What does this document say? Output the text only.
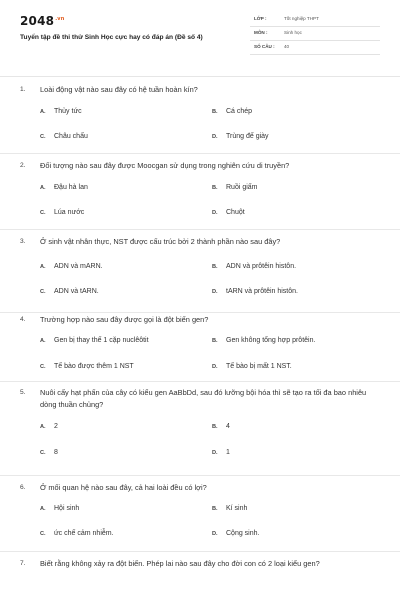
$2048^{.vn}$
Tuyển tập đề thi thử Sinh Học cực hay có đáp án (Đề số 4)
LỚP :	Tốt nghiệp THPT
MÔN :	Sinh học
SỐ CÂU : 40
1. Loài động vật nào sau đây có hệ tuần hoàn kín?
A. Thủy tức	B. Cá chép
C. Châu chấu	D. Trùng đế giày
2. Đối tượng nào sau đây được Moocgan sử dụng trong nghiên cứu di truyền?
A. Đậu hà lan	B. Ruồi giấm
C. Lúa nước	D. Chuột
3. Ở sinh vật nhân thực, NST được cấu trúc bởi 2 thành phần nào sau đây?
A. ADN và mARN.	B. ADN và prôtêin histôn.
C. ADN và tARN.	D. tARN và prôtêin histôn.
4. Trường hợp nào sau đây được gọi là đột biến gen?
A. Gen bị thay thế 1 cặp nuclêôtit	B. Gen không tổng hợp prôtêin.
C. Tế bào được thêm 1 NST	D. Tế bào bị mất 1 NST.
5. Nuôi cấy hạt phấn của cây có kiểu gen AaBbDd, sau đó lưỡng bội hóa thì sẽ tạo ra tối đa bao nhiêu dòng thuần chủng?
A. 2	B. 4
C. 8	D. 1
6. Ở mối quan hệ nào sau đây, cả hai loài đều có lợi?
A. Hội sinh	B. Kí sinh
C. ức chế cảm nhiễm.	D. Cộng sinh.
7. Biết rằng không xảy ra đột biến. Phép lai nào sau đây cho đời con có 2 loại kiểu gen?
